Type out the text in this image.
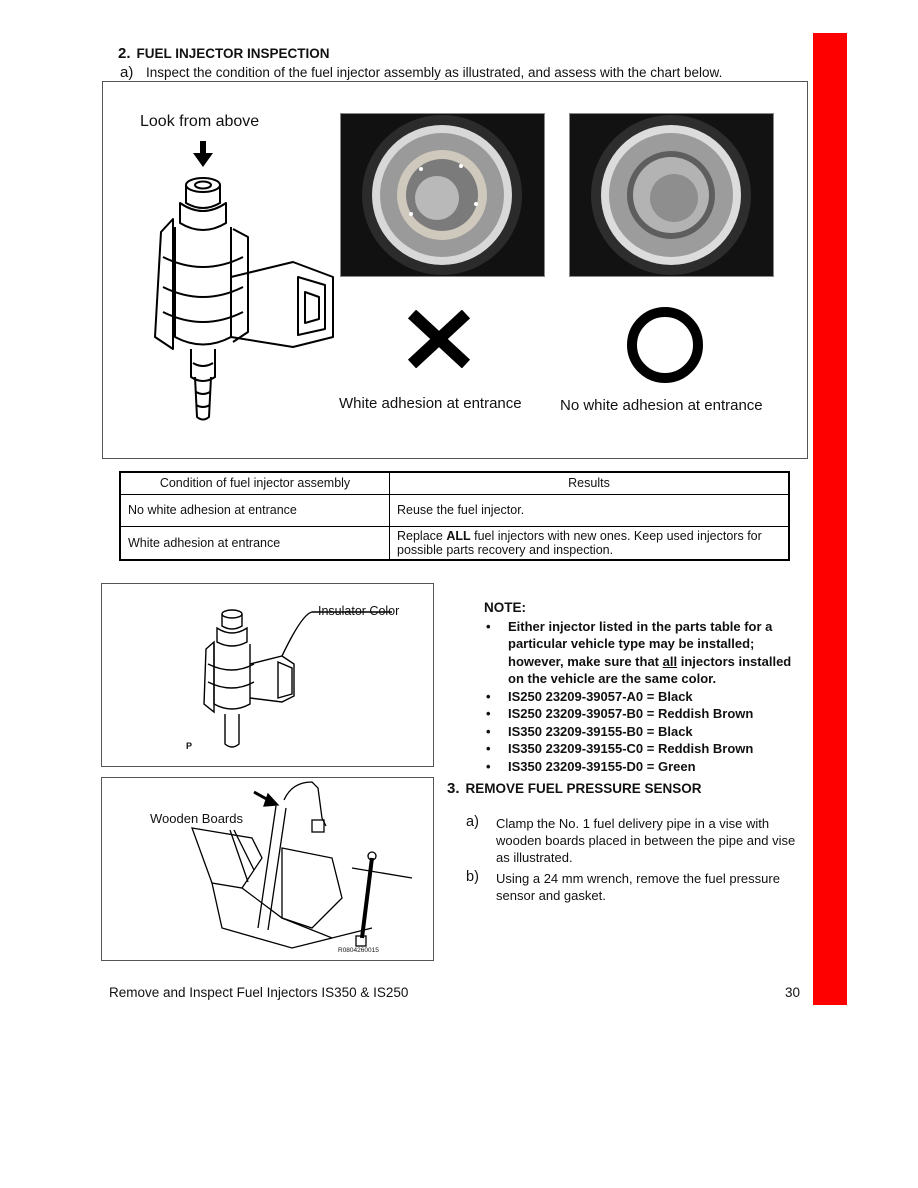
2. FUEL INJECTOR INSPECTION
a) Inspect the condition of the fuel injector assembly as illustrated, and assess with the chart below.
Look from above
White adhesion at entrance	No white adhesion at entrance
Condition of fuel injector assembly	Results
No white adhesion at entrance	Reuse the fuel injector.
White adhesion at entrance	Replace ALL fuel injectors with new ones. Keep used injectors for possible parts recovery and inspection.
Insulator Color
P
NOTE:
• Either injector listed in the parts table for a particular vehicle type may be installed; however, make sure that all injectors installed on the vehicle are the same color.
• IS250 23209-39057-A0 = Black
• IS250 23209-39057-B0 = Reddish Brown
• IS350 23209-39155-B0 = Black
• IS350 23209-39155-C0 = Reddish Brown
• IS350 23209-39155-D0 = Green
Wooden Boards
R0804260015
3. REMOVE FUEL PRESSURE SENSOR
a) Clamp the No. 1 fuel delivery pipe in a vise with wooden boards placed in between the pipe and vise as illustrated.
b) Using a 24 mm wrench, remove the fuel pressure sensor and gasket.
Remove and Inspect Fuel Injectors IS350 & IS250	30
